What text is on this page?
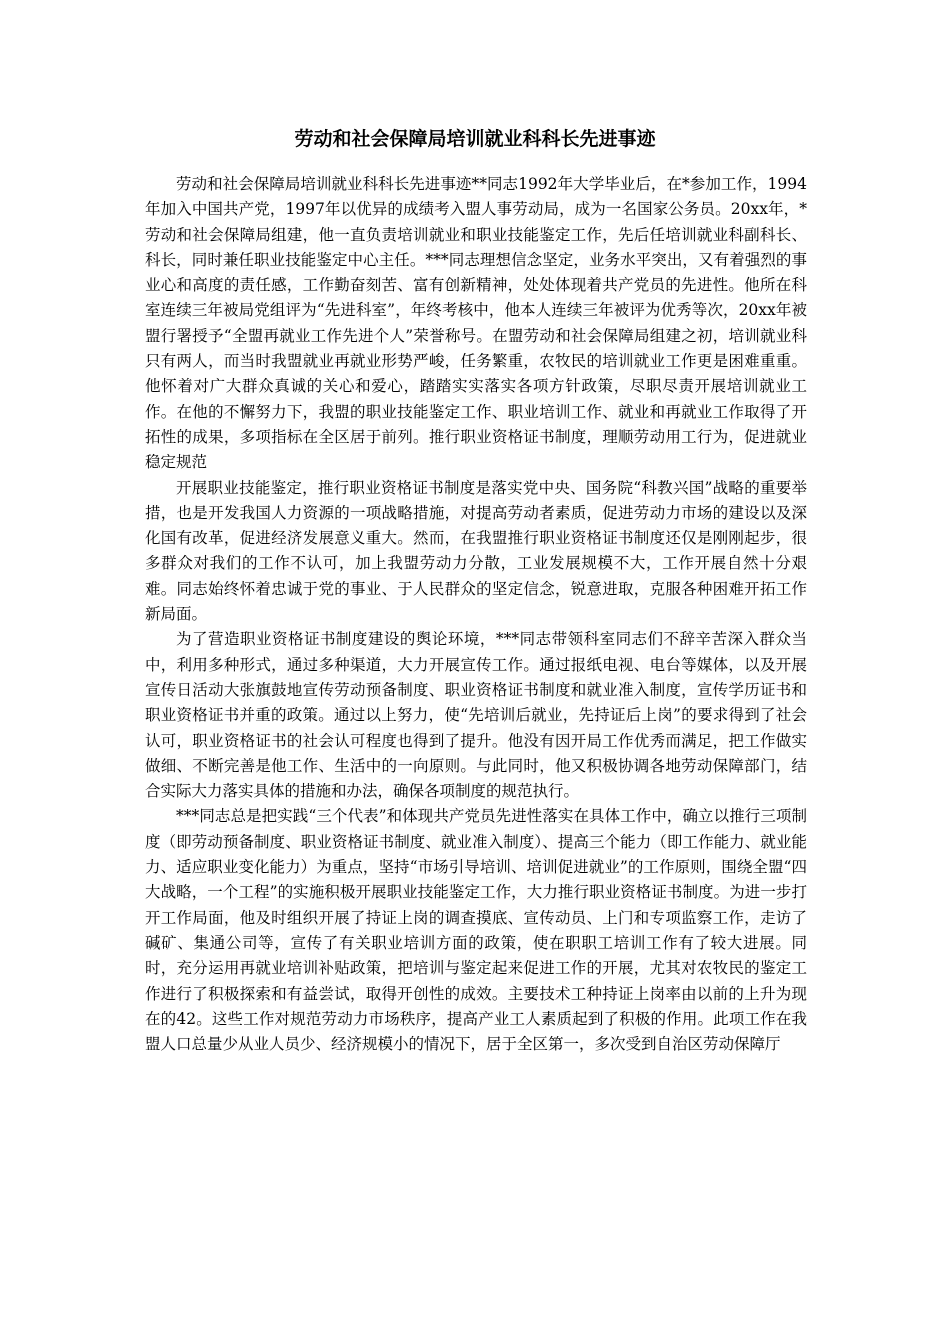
劳动和社会保障局培训就业科科长先进事迹

劳动和社会保障局培训就业科科长先进事迹**同志1992年大学毕业后，在*参加工作，1994年加入中国共产党，1997年以优异的成绩考入盟人事劳动局，成为一名国家公务员。20xx年，*劳动和社会保障局组建，他一直负责培训就业和职业技能鉴定工作，先后任培训就业科副科长、科长，同时兼任职业技能鉴定中心主任。***同志理想信念坚定，业务水平突出，又有着强烈的事业心和高度的责任感，工作勤奋刻苦、富有创新精神，处处体现着共产党员的先进性。他所在科室连续三年被局党组评为“先进科室”，年终考核中，他本人连续三年被评为优秀等次，20xx年被盟行署授予“全盟再就业工作先进个人”荣誉称号。在盟劳动和社会保障局组建之初，培训就业科只有两人，而当时我盟就业再就业形势严峻，任务繁重，农牧民的培训就业工作更是困难重重。他怀着对广大群众真诚的关心和爱心，踏踏实实落实各项方针政策，尽职尽责开展培训就业工作。在他的不懈努力下，我盟的职业技能鉴定工作、职业培训工作、就业和再就业工作取得了开拓性的成果，多项指标在全区居于前列。推行职业资格证书制度，理顺劳动用工行为，促进就业稳定规范

开展职业技能鉴定，推行职业资格证书制度是落实党中央、国务院“科教兴国”战略的重要举措，也是开发我国人力资源的一项战略措施，对提高劳动者素质，促进劳动力市场的建设以及深化国有改革，促进经济发展意义重大。然而，在我盟推行职业资格证书制度还仅是刚刚起步，很多群众对我们的工作不认可，加上我盟劳动力分散，工业发展规模不大，工作开展自然十分艰难。同志始终怀着忠诚于党的事业、于人民群众的坚定信念，锐意进取，克服各种困难开拓工作新局面。

为了营造职业资格证书制度建设的舆论环境，***同志带领科室同志们不辞辛苦深入群众当中，利用多种形式，通过多种渠道，大力开展宣传工作。通过报纸电视、电台等媒体，以及开展宣传日活动大张旗鼓地宣传劳动预备制度、职业资格证书制度和就业准入制度，宣传学历证书和职业资格证书并重的政策。通过以上努力，使“先培训后就业，先持证后上岗”的要求得到了社会认可，职业资格证书的社会认可程度也得到了提升。他没有因开局工作优秀而满足，把工作做实做细、不断完善是他工作、生活中的一向原则。与此同时，他又积极协调各地劳动保障部门，结合实际大力落实具体的措施和办法，确保各项制度的规范执行。

***同志总是把实践“三个代表”和体现共产党员先进性落实在具体工作中，确立以推行三项制度（即劳动预备制度、职业资格证书制度、就业准入制度）、提高三个能力（即工作能力、就业能力、适应职业变化能力）为重点，坚持“市场引导培训、培训促进就业”的工作原则，围绕全盟“四大战略，一个工程”的实施积极开展职业技能鉴定工作，大力推行职业资格证书制度。为进一步打开工作局面，他及时组织开展了持证上岗的调查摸底、宣传动员、上门和专项监察工作，走访了碱矿、集通公司等，宣传了有关职业培训方面的政策，使在职职工培训工作有了较大进展。同时，充分运用再就业培训补贴政策，把培训与鉴定起来促进工作的开展，尤其对农牧民的鉴定工作进行了积极探索和有益尝试，取得开创性的成效。主要技术工种持证上岗率由以前的上升为现在的42。这些工作对规范劳动力市场秩序，提高产业工人素质起到了积极的作用。此项工作在我盟人口总量少从业人员少、经济规模小的情况下，居于全区第一，多次受到自治区劳动保障厅
